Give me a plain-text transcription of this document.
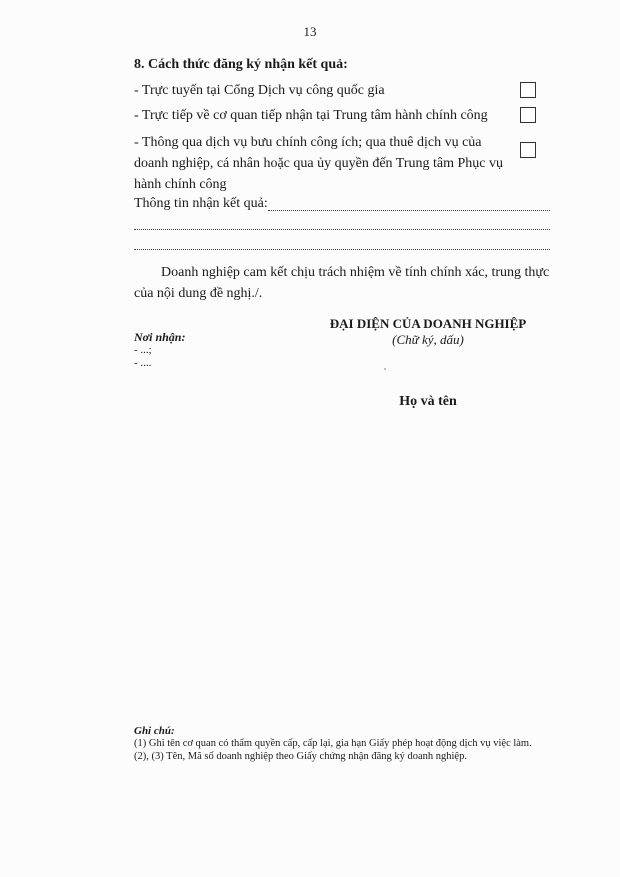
13
8. Cách thức đăng ký nhận kết quả:
- Trực tuyến tại Cổng Dịch vụ công quốc gia
- Trực tiếp về cơ quan tiếp nhận tại Trung tâm hành chính công
- Thông qua dịch vụ bưu chính công ích; qua thuê dịch vụ của doanh nghiệp, cá nhân hoặc qua ủy quyền đến Trung tâm Phục vụ hành chính công
Thông tin nhận kết quả:
Doanh nghiệp cam kết chịu trách nhiệm về tính chính xác, trung thực của nội dung đề nghị./.
ĐẠI DIỆN CỦA DOANH NGHIỆP
(Chữ ký, dấu)
Họ và tên
Nơi nhận:
- ...;
- ....
Ghi chú:
(1) Ghi tên cơ quan có thẩm quyền cấp, cấp lại, gia hạn Giấy phép hoạt động dịch vụ việc làm.
(2), (3) Tên, Mã số doanh nghiệp theo Giấy chứng nhận đăng ký doanh nghiệp.
